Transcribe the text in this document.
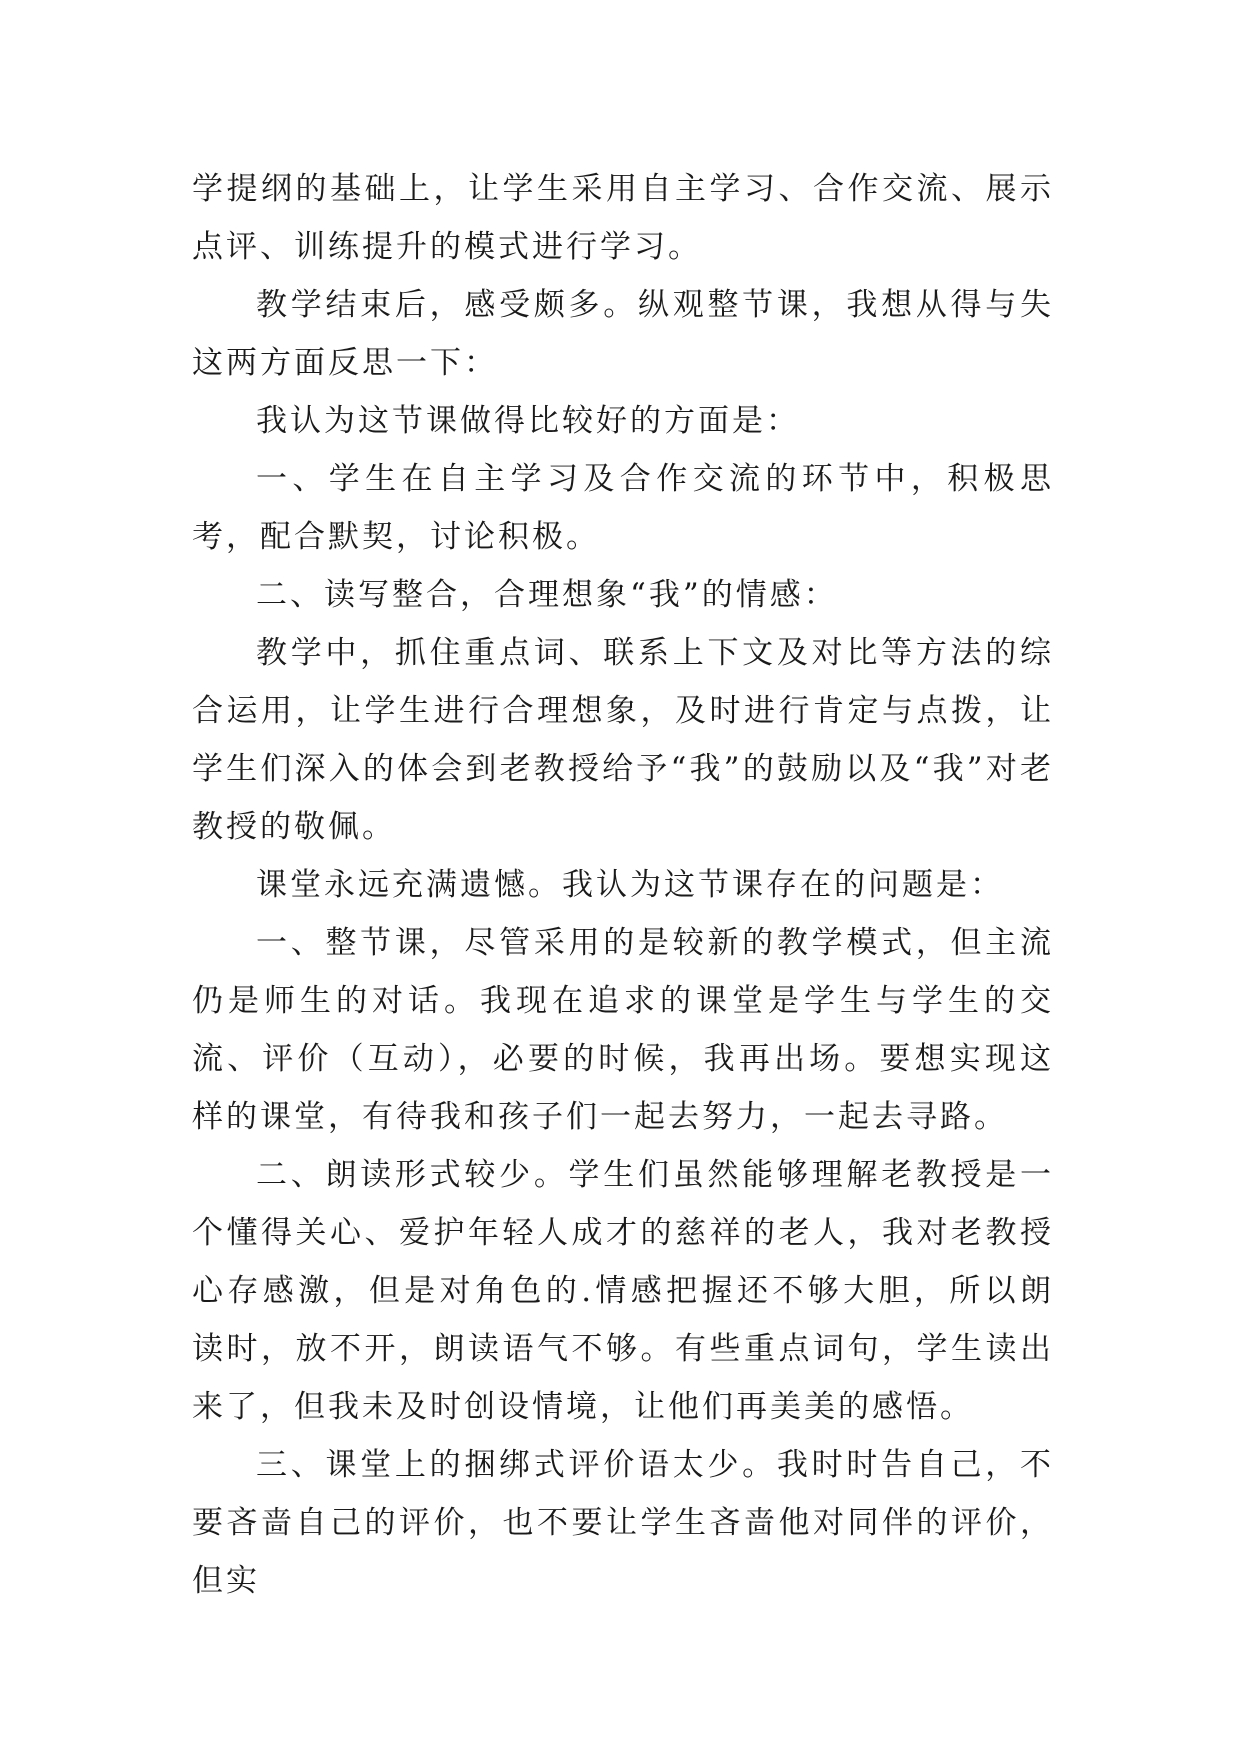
学提纲的基础上，让学生采用自主学习、合作交流、展示点评、训练提升的模式进行学习。

教学结束后，感受颇多。纵观整节课，我想从得与失这两方面反思一下：

我认为这节课做得比较好的方面是：

一、学生在自主学习及合作交流的环节中，积极思考，配合默契，讨论积极。

二、读写整合，合理想象“我”的情感：

教学中，抓住重点词、联系上下文及对比等方法的综合运用，让学生进行合理想象，及时进行肯定与点拨，让学生们深入的体会到老教授给予“我”的鼓励以及“我”对老教授的敬佩。

课堂永远充满遗憾。我认为这节课存在的问题是：

一、整节课，尽管采用的是较新的教学模式，但主流仍是师生的对话。我现在追求的课堂是学生与学生的交流、评价（互动），必要的时候，我再出场。要想实现这样的课堂，有待我和孩子们一起去努力，一起去寻路。

二、朗读形式较少。学生们虽然能够理解老教授是一个懂得关心、爱护年轻人成才的慈祥的老人，我对老教授心存感激，但是对角色的.情感把握还不够大胆，所以朗读时，放不开，朗读语气不够。有些重点词句，学生读出来了，但我未及时创设情境，让他们再美美的感悟。

三、课堂上的捆绑式评价语太少。我时时告自己，不要吝啬自己的评价，也不要让学生吝啬他对同伴的评价，但实
